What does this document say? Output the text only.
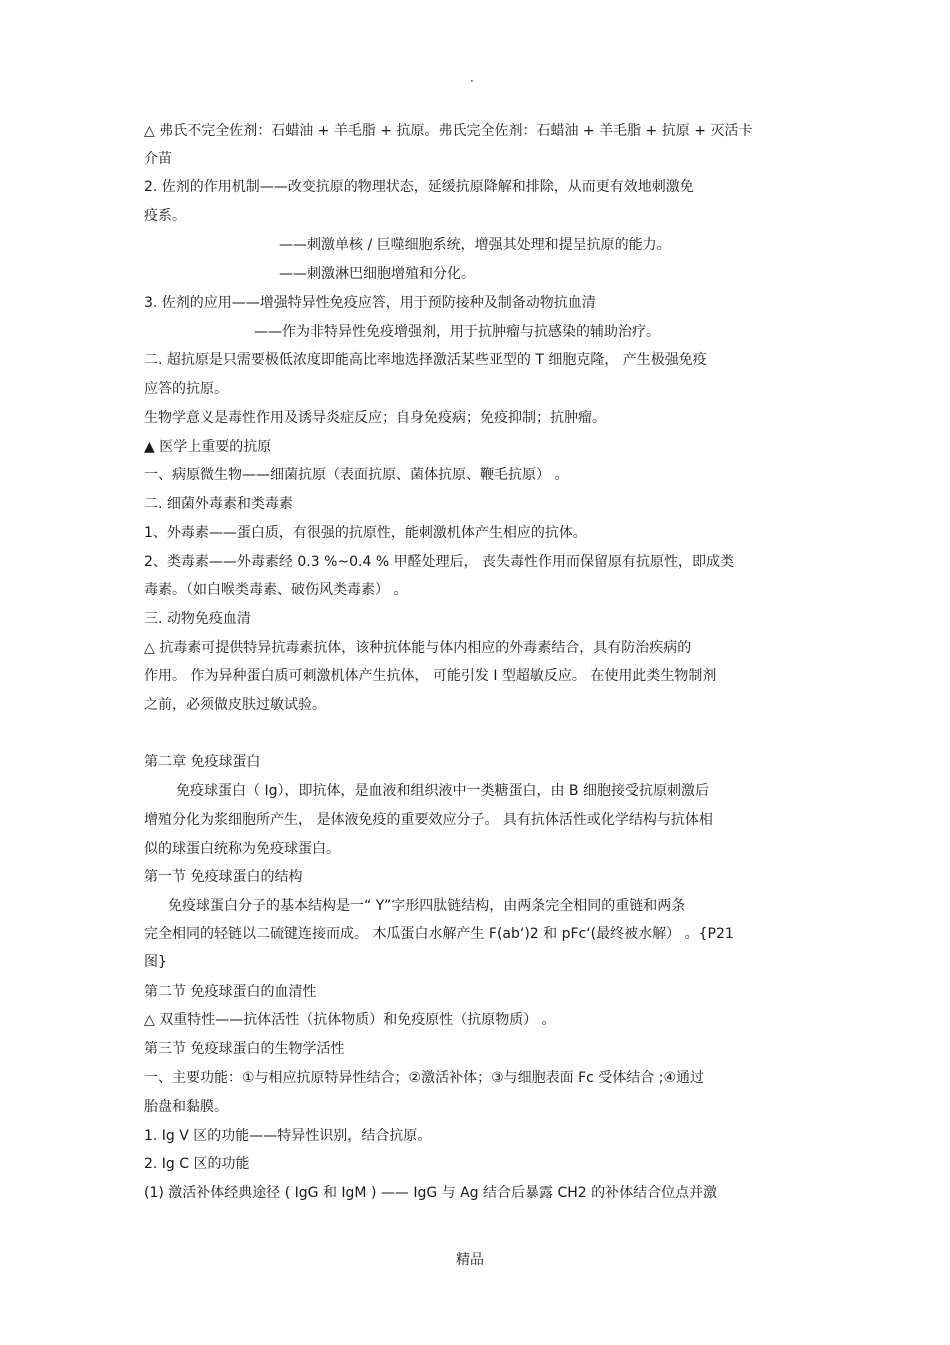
·
△ 弗氏不完全佐剂：石蜡油 + 羊毛脂 + 抗原。弗氏完全佐剂：石蜡油 + 羊毛脂 + 抗原 + 灭活卡
介苗
2. 佐剂的作用机制——改变抗原的物理状态，延缓抗原降解和排除，从而更有效地刺激免
疫系。
——刺激单核 / 巨噬细胞系统，增强其处理和提呈抗原的能力。
——刺激淋巴细胞增殖和分化。
3. 佐剂的应用——增强特异性免疫应答，用于预防接种及制备动物抗血清
——作为非特异性免疫增强剂，用于抗肿瘤与抗感染的辅助治疗。
二. 超抗原是只需要极低浓度即能高比率地选择激活某些亚型的 T 细胞克隆， 产生极强免疫
应答的抗原。
生物学意义是毒性作用及诱导炎症反应；自身免疫病；免疫抑制；抗肿瘤。
▲ 医学上重要的抗原
一、病原微生物——细菌抗原（表面抗原、菌体抗原、鞭毛抗原） 。
二. 细菌外毒素和类毒素
1、外毒素——蛋白质，有很强的抗原性，能刺激机体产生相应的抗体。
2、类毒素——外毒素经 0.3 %~0.4 % 甲醛处理后， 丧失毒性作用而保留原有抗原性，即成类
毒素。（如白喉类毒素、破伤风类毒素） 。
三. 动物免疫血清
△ 抗毒素可提供特异抗毒素抗体，该种抗体能与体内相应的外毒素结合，具有防治疾病的
作用。 作为异种蛋白质可刺激机体产生抗体， 可能引发 I 型超敏反应。 在使用此类生物制剂
之前，必须做皮肤过敏试验。
第二章 免疫球蛋白
免疫球蛋白（ Ig），即抗体，是血液和组织液中一类糖蛋白，由 B 细胞接受抗原刺激后
增殖分化为浆细胞所产生， 是体液免疫的重要效应分子。 具有抗体活性或化学结构与抗体相
似的球蛋白统称为免疫球蛋白。
第一节 免疫球蛋白的结构
免疫球蛋白分子的基本结构是一“ Y”字形四肽链结构，由两条完全相同的重链和两条
完全相同的轻链以二硫键连接而成。 木瓜蛋白水解产生 F(ab‘)2 和 pFc‘(最终被水解） 。{P21
图}
第二节 免疫球蛋白的血清性
△ 双重特性——抗体活性（抗体物质）和免疫原性（抗原物质） 。
第三节 免疫球蛋白的生物学活性
一、主要功能：①与相应抗原特异性结合；②激活补体；③与细胞表面 Fc 受体结合 ;④通过
胎盘和黏膜。
1. Ig V 区的功能——特异性识别，结合抗原。
2. Ig C 区的功能
(1) 激活补体经典途径 ( IgG 和 IgM ) —— IgG 与 Ag 结合后暴露 CH2 的补体结合位点并激
精品
